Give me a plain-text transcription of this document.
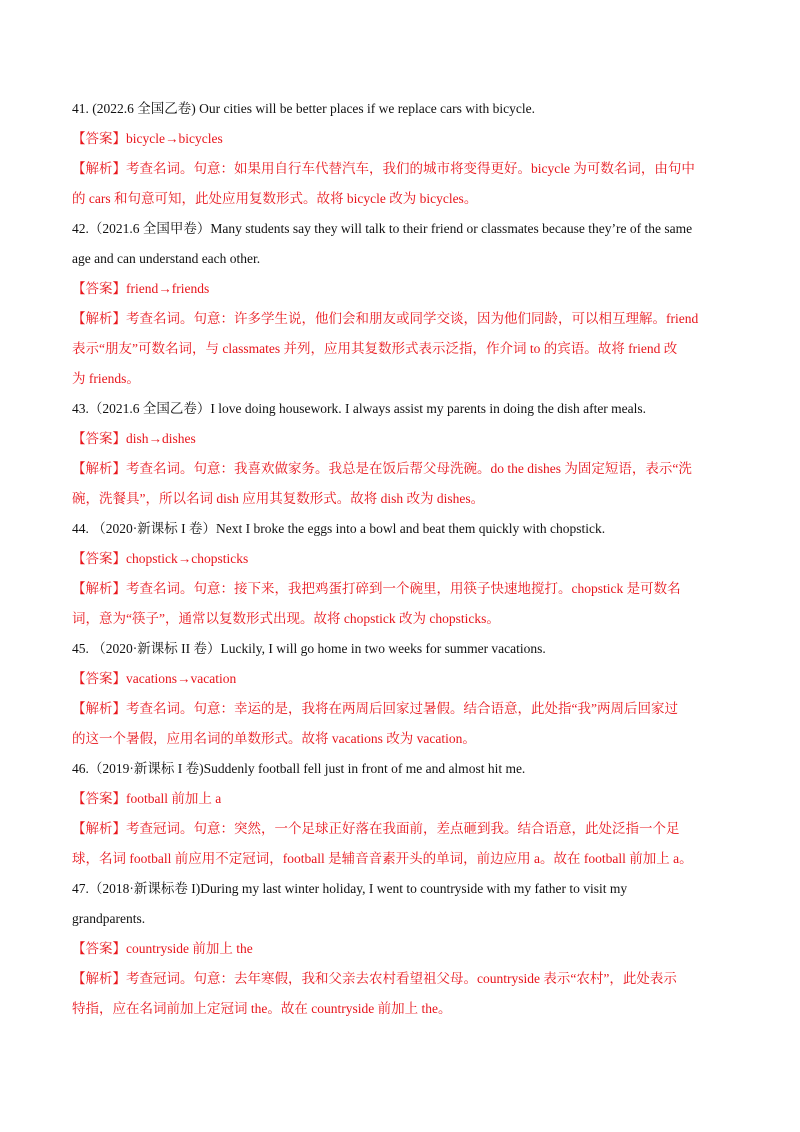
41. (2022.6 全国乙卷) Our cities will be better places if we replace cars with bicycle.

【答案】bicycle→bicycles

【解析】考查名词。句意：如果用自行车代替汽车，我们的城市将变得更好。bicycle 为可数名词，由句中
的 cars 和句意可知，此处应用复数形式。故将 bicycle 改为 bicycles。

42.（2021.6 全国甲卷）Many students say they will talk to their friend or classmates because they’re of the same
age and can understand each other.

【答案】friend→friends

【解析】考查名词。句意：许多学生说，他们会和朋友或同学交谈，因为他们同龄，可以相互理解。friend
表示“朋友”可数名词，与 classmates 并列，应用其复数形式表示泛指，作介词 to 的宾语。故将 friend 改
为 friends。

43.（2021.6 全国乙卷）I love doing housework. I always assist my parents in doing the dish after meals.

【答案】dish→dishes

【解析】考查名词。句意：我喜欢做家务。我总是在饭后帮父母洗碗。do the dishes 为固定短语，表示“洗
碗，洗餐具”，所以名词 dish 应用其复数形式。故将 dish 改为 dishes。

44. （2020·新课标 I 卷）Next I broke the eggs into a bowl and beat them quickly with chopstick.

【答案】chopstick→chopsticks

【解析】考查名词。句意：接下来，我把鸡蛋打碎到一个碗里，用筷子快速地搅打。chopstick 是可数名
词，意为“筷子”，通常以复数形式出现。故将 chopstick 改为 chopsticks。

45. （2020·新课标 II 卷）Luckily, I will go home in two weeks for summer vacations.

【答案】vacations→vacation

【解析】考查名词。句意：幸运的是，我将在两周后回家过暑假。结合语意，此处指“我”两周后回家过
的这一个暑假，应用名词的单数形式。故将 vacations 改为 vacation。

46.（2019·新课标 I 卷)Suddenly football fell just in front of me and almost hit me.

【答案】football 前加上 a

【解析】考查冠词。句意：突然，一个足球正好落在我面前，差点砸到我。结合语意，此处泛指一个足
球，名词 football 前应用不定冠词，football 是辅音音素开头的单词，前边应用 a。故在 football 前加上 a。

47.（2018·新课标卷 I)During my last winter holiday, I went to countryside with my father to visit my
grandparents.

【答案】countryside 前加上 the

【解析】考查冠词。句意：去年寒假，我和父亲去农村看望祖父母。countryside 表示“农村”，此处表示
特指，应在名词前加上定冠词 the。故在 countryside 前加上 the。
